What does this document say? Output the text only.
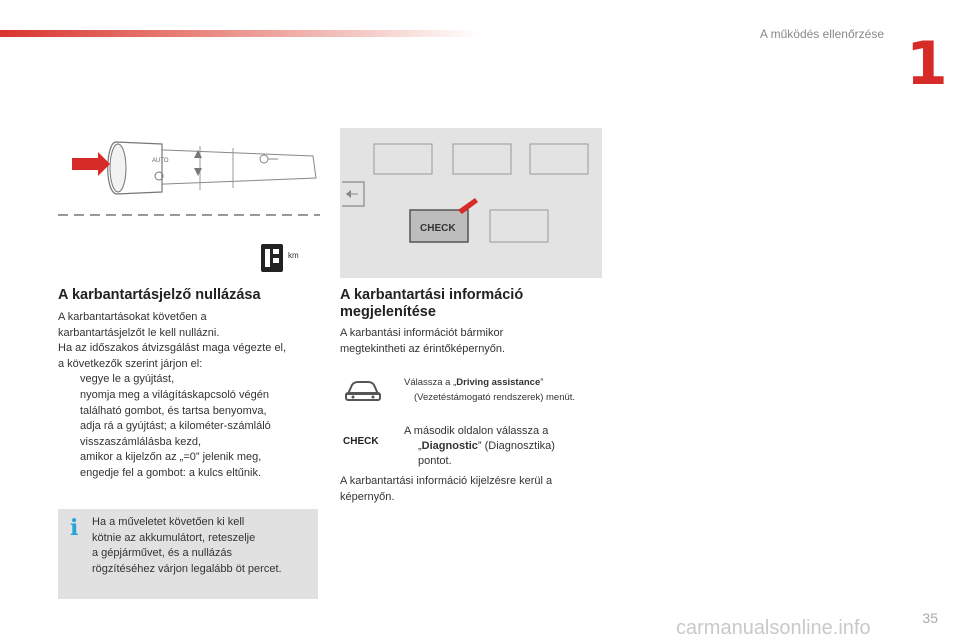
A működés ellenőrzése 1
AUTO
km
CHECK
A karbantartásjelző nullázása

A karbantartásokat követően a

karbantartásjelzőt le kell nullázni.

Ha az időszakos átvizsgálást maga végezte el,

a következők szerint járjon el:

vegye le a gyújtást,
nyomja meg a világításkapcsoló végén
található gombot, és tartsa benyomva,
adja rá a gyújtást; a kilométer-számláló
visszaszámlálásba kezd,
amikor a kijelzőn az „=0” jelenik meg,
engedje fel a gombot: a kulcs eltűnik.
i Ha a műveletet követően ki kell
kötnie az akkumulátort, reteszelje
a gépjárművet, és a nullázás
rögzítéséhez várjon legalább öt percet.
A karbantartási információ
megjelenítése

A karbantási információt bármikor

megtekintheti az érintőképernyőn.

Válassza a „Driving assistance”
(Vezetéstámogató rendszerek) menüt.
CHECK
A második oldalon válassza a
„Diagnostic” (Diagnosztika)
pontot.

A karbantartási információ kijelzésre kerül a

képernyőn.

35
carmanualsonline.info
